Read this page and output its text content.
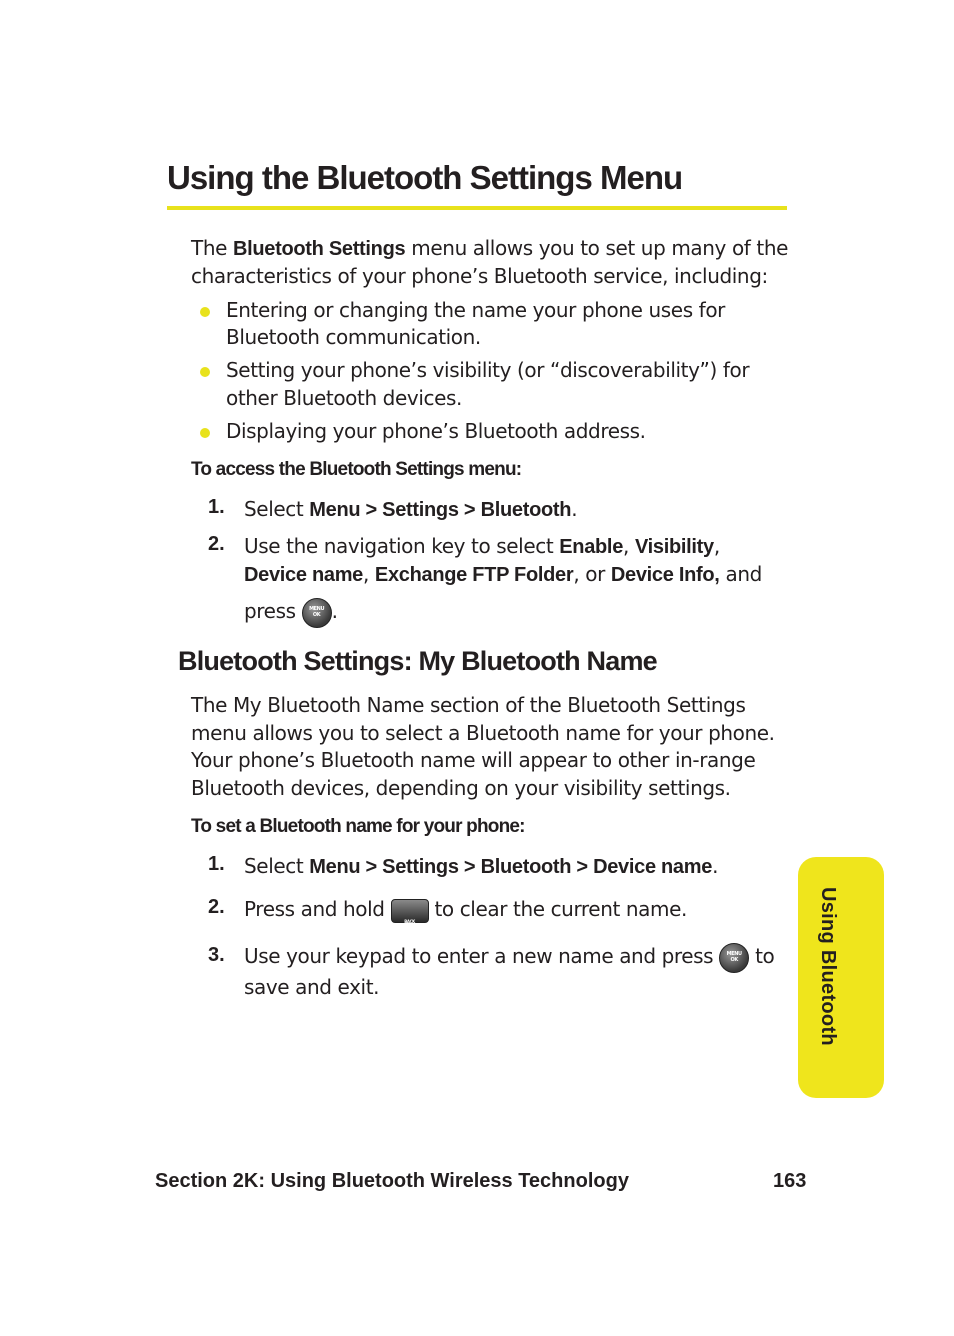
Using the Bluetooth Settings Menu
The Bluetooth Settings menu allows you to set up many of the
characteristics of your phone’s Bluetooth service, including:
Entering or changing the name your phone uses for
Bluetooth communication.
Setting your phone’s visibility (or “discoverability”) for
other Bluetooth devices.
Displaying your phone’s Bluetooth address.
To access the Bluetooth Settings menu:
1. Select Menu > Settings > Bluetooth.
2. Use the navigation key to select Enable, Visibility,
Device name, Exchange FTP Folder, or Device Info, and
press MENU OK.
Bluetooth Settings: My Bluetooth Name
The My Bluetooth Name section of the Bluetooth Settings
menu allows you to select a Bluetooth name for your phone.
Your phone’s Bluetooth name will appear to other in-range
Bluetooth devices, depending on your visibility settings.
To set a Bluetooth name for your phone:
1. Select Menu > Settings > Bluetooth > Device name.
2. Press and hold BACK to clear the current name.
3. Use your keypad to enter a new name and press MENU OK to
save and exit.	Using Bluetooth
Section 2K: Using Bluetooth Wireless Technology	163
